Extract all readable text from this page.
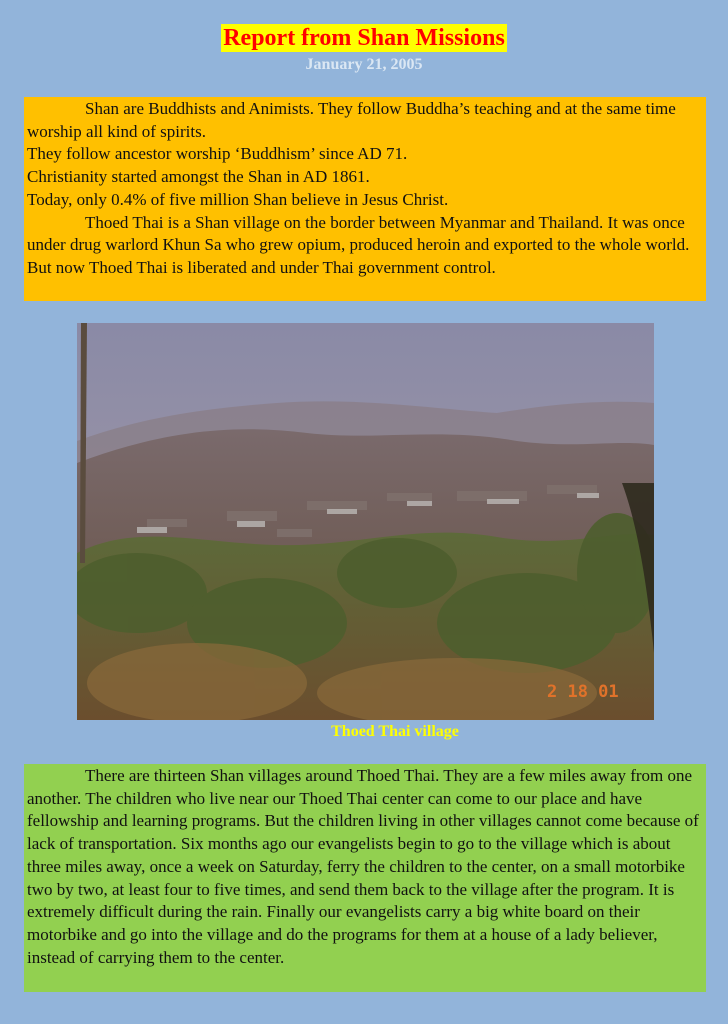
Report from Shan Missions
January 21, 2005

Shan are Buddhists and Animists. They follow Buddha’s teaching and at the same time worship all kind of spirits.

They follow ancestor worship ‘Buddhism’ since AD 71.

Christianity started amongst the Shan in AD 1861.

Today, only 0.4% of five million Shan believe in Jesus Christ.

Thoed Thai is a Shan village on the border between Myanmar and Thailand. It was once under drug warlord Khun Sa who grew opium, produced heroin and exported to the whole world. But now Thoed Thai is liberated and under Thai government control.

2 18 01
Thoed Thai village

There are thirteen Shan villages around Thoed Thai. They are a few miles away from one another. The children who live near our Thoed Thai center can come to our place and have fellowship and learning programs. But the children living in other villages cannot come because of lack of transportation. Six months ago our evangelists begin to go to the village which is about three miles away, once a week on Saturday, ferry the children to the center, on a small motorbike two by two, at least four to five times, and send them back to the village after the program. It is extremely difficult during the rain. Finally our evangelists carry a big white board on their motorbike and go into the village and do the programs for them at a house of a lady believer, instead of carrying them to the center.
